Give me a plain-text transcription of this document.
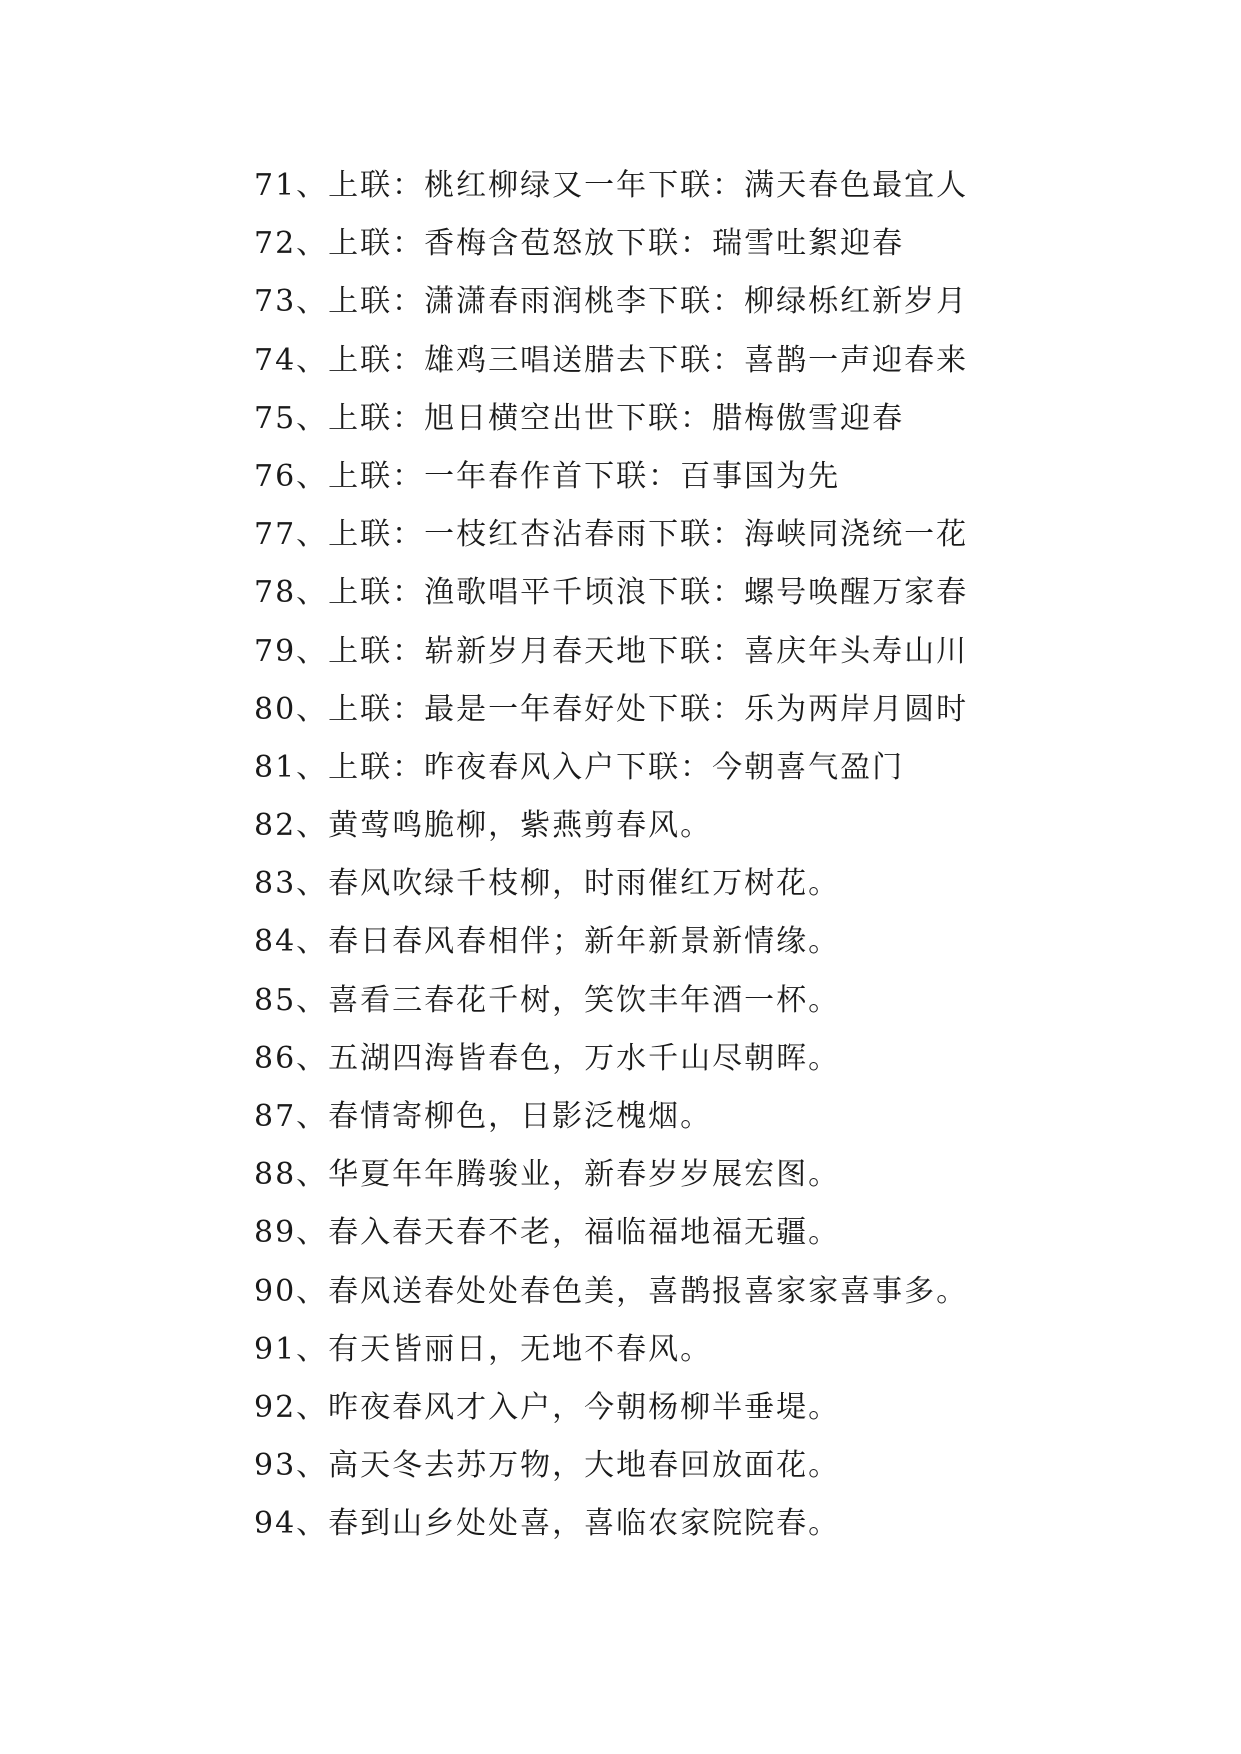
71、上联：桃红柳绿又一年下联：满天春色最宜人
72、上联：香梅含苞怒放下联：瑞雪吐絮迎春
73、上联：潇潇春雨润桃李下联：柳绿栎红新岁月
74、上联：雄鸡三唱送腊去下联：喜鹊一声迎春来
75、上联：旭日横空出世下联：腊梅傲雪迎春
76、上联：一年春作首下联：百事国为先
77、上联：一枝红杏沾春雨下联：海峡同浇统一花
78、上联：渔歌唱平千顷浪下联：螺号唤醒万家春
79、上联：崭新岁月春天地下联：喜庆年头寿山川
80、上联：最是一年春好处下联：乐为两岸月圆时
81、上联：昨夜春风入户下联：今朝喜气盈门
82、黄莺鸣脆柳，紫燕剪春风。
83、春风吹绿千枝柳，时雨催红万树花。
84、春日春风春相伴；新年新景新情缘。
85、喜看三春花千树，笑饮丰年酒一杯。
86、五湖四海皆春色，万水千山尽朝晖。
87、春情寄柳色，日影泛槐烟。
88、华夏年年腾骏业，新春岁岁展宏图。
89、春入春天春不老，福临福地福无疆。
90、春风送春处处春色美，喜鹊报喜家家喜事多。
91、有天皆丽日，无地不春风。
92、昨夜春风才入户，今朝杨柳半垂堤。
93、高天冬去苏万物，大地春回放面花。
94、春到山乡处处喜，喜临农家院院春。
